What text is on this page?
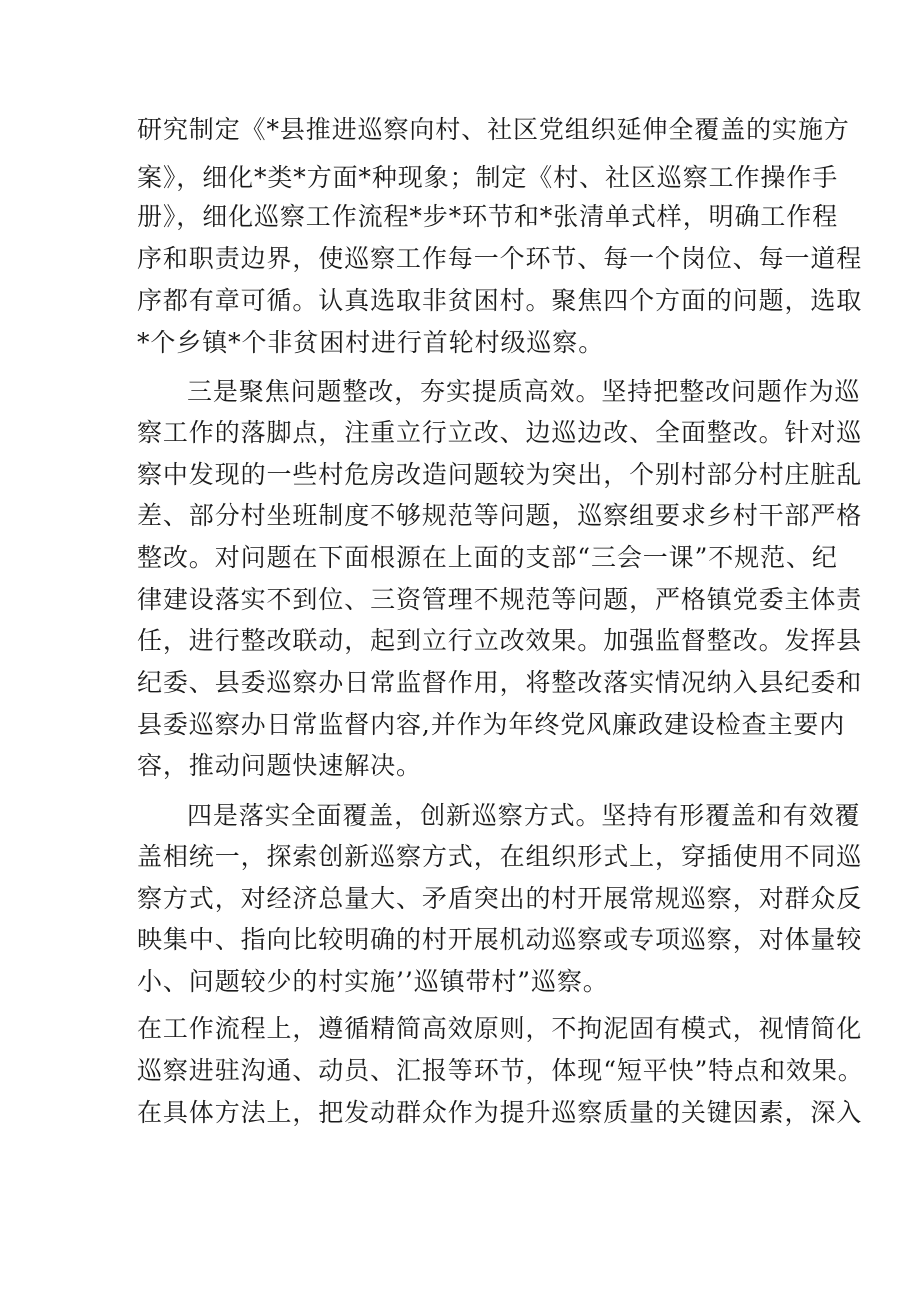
研究制定《*县推进巡察向村、社区党组织延伸全覆盖的实施方
案》，细化*类*方面*种现象；制定《村、社区巡察工作操作手
册》，细化巡察工作流程*步*环节和*张清单式样，明确工作程
序和职责边界，使巡察工作每一个环节、每一个岗位、每一道程
序都有章可循。认真选取非贫困村。聚焦四个方面的问题，选取
*个乡镇*个非贫困村进行首轮村级巡察。
三是聚焦问题整改，夯实提质高效。坚持把整改问题作为巡
察工作的落脚点，注重立行立改、边巡边改、全面整改。针对巡
察中发现的一些村危房改造问题较为突出，个别村部分村庄脏乱
差、部分村坐班制度不够规范等问题，巡察组要求乡村干部严格
整改。对问题在下面根源在上面的支部“三会一课”不规范、纪
律建设落实不到位、三资管理不规范等问题，严格镇党委主体责
任，进行整改联动，起到立行立改效果。加强监督整改。发挥县
纪委、县委巡察办日常监督作用，将整改落实情况纳入县纪委和
县委巡察办日常监督内容,并作为年终党风廉政建设检查主要内
容，推动问题快速解决。
四是落实全面覆盖，创新巡察方式。坚持有形覆盖和有效覆
盖相统一，探索创新巡察方式，在组织形式上，穿插使用不同巡
察方式，对经济总量大、矛盾突出的村开展常规巡察，对群众反
映集中、指向比较明确的村开展机动巡察或专项巡察，对体量较
小、问题较少的村实施’’巡镇带村”巡察。
在工作流程上，遵循精简高效原则，不拘泥固有模式，视情简化
巡察进驻沟通、动员、汇报等环节，体现“短平快”特点和效果。
在具体方法上，把发动群众作为提升巡察质量的关键因素，深入
